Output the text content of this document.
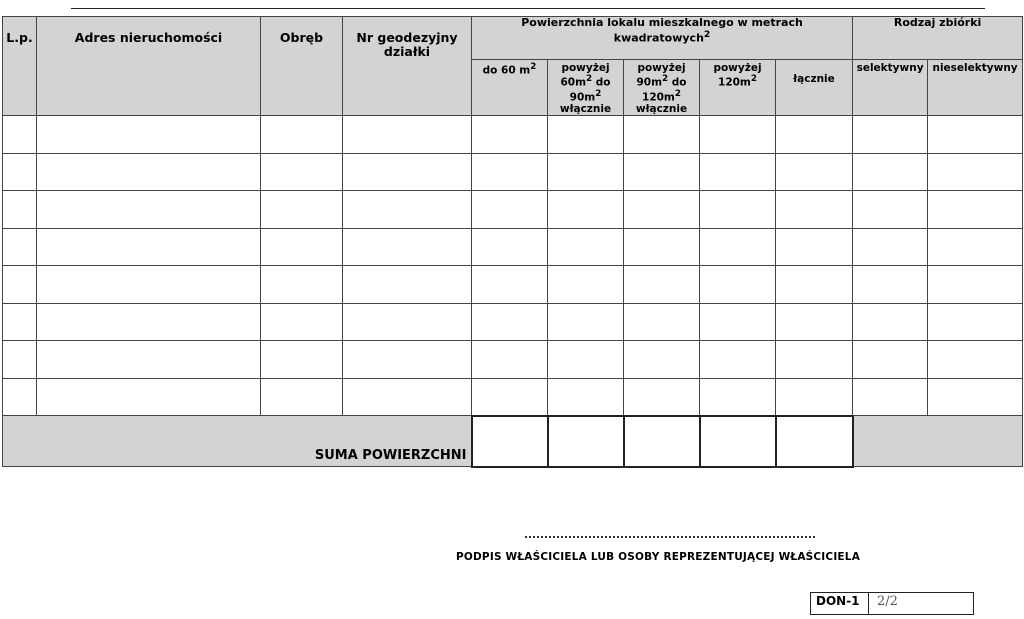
L.p.	Adres nieruchomości	Obręb	Nr geodezyjny działki	Powierzchnia lokalu mieszkalnego w metrach kwadratowych$^2$					Rodzaj zbiórki	
				do 60 $m^2$	powyżej $60m^2$ do $90m^2$ włącznie	powyżej $90m^2$ do $120m^2$ włącznie	powyżej $120m^2$	łącznie	selektywny	nieselektywny

SUMA POWIERZCHNI										
PODPIS WŁAŚCICIELA LUB OSOBY REPREZENTUJĄCEJ WŁAŚCICIELA
DON-1	2/2
